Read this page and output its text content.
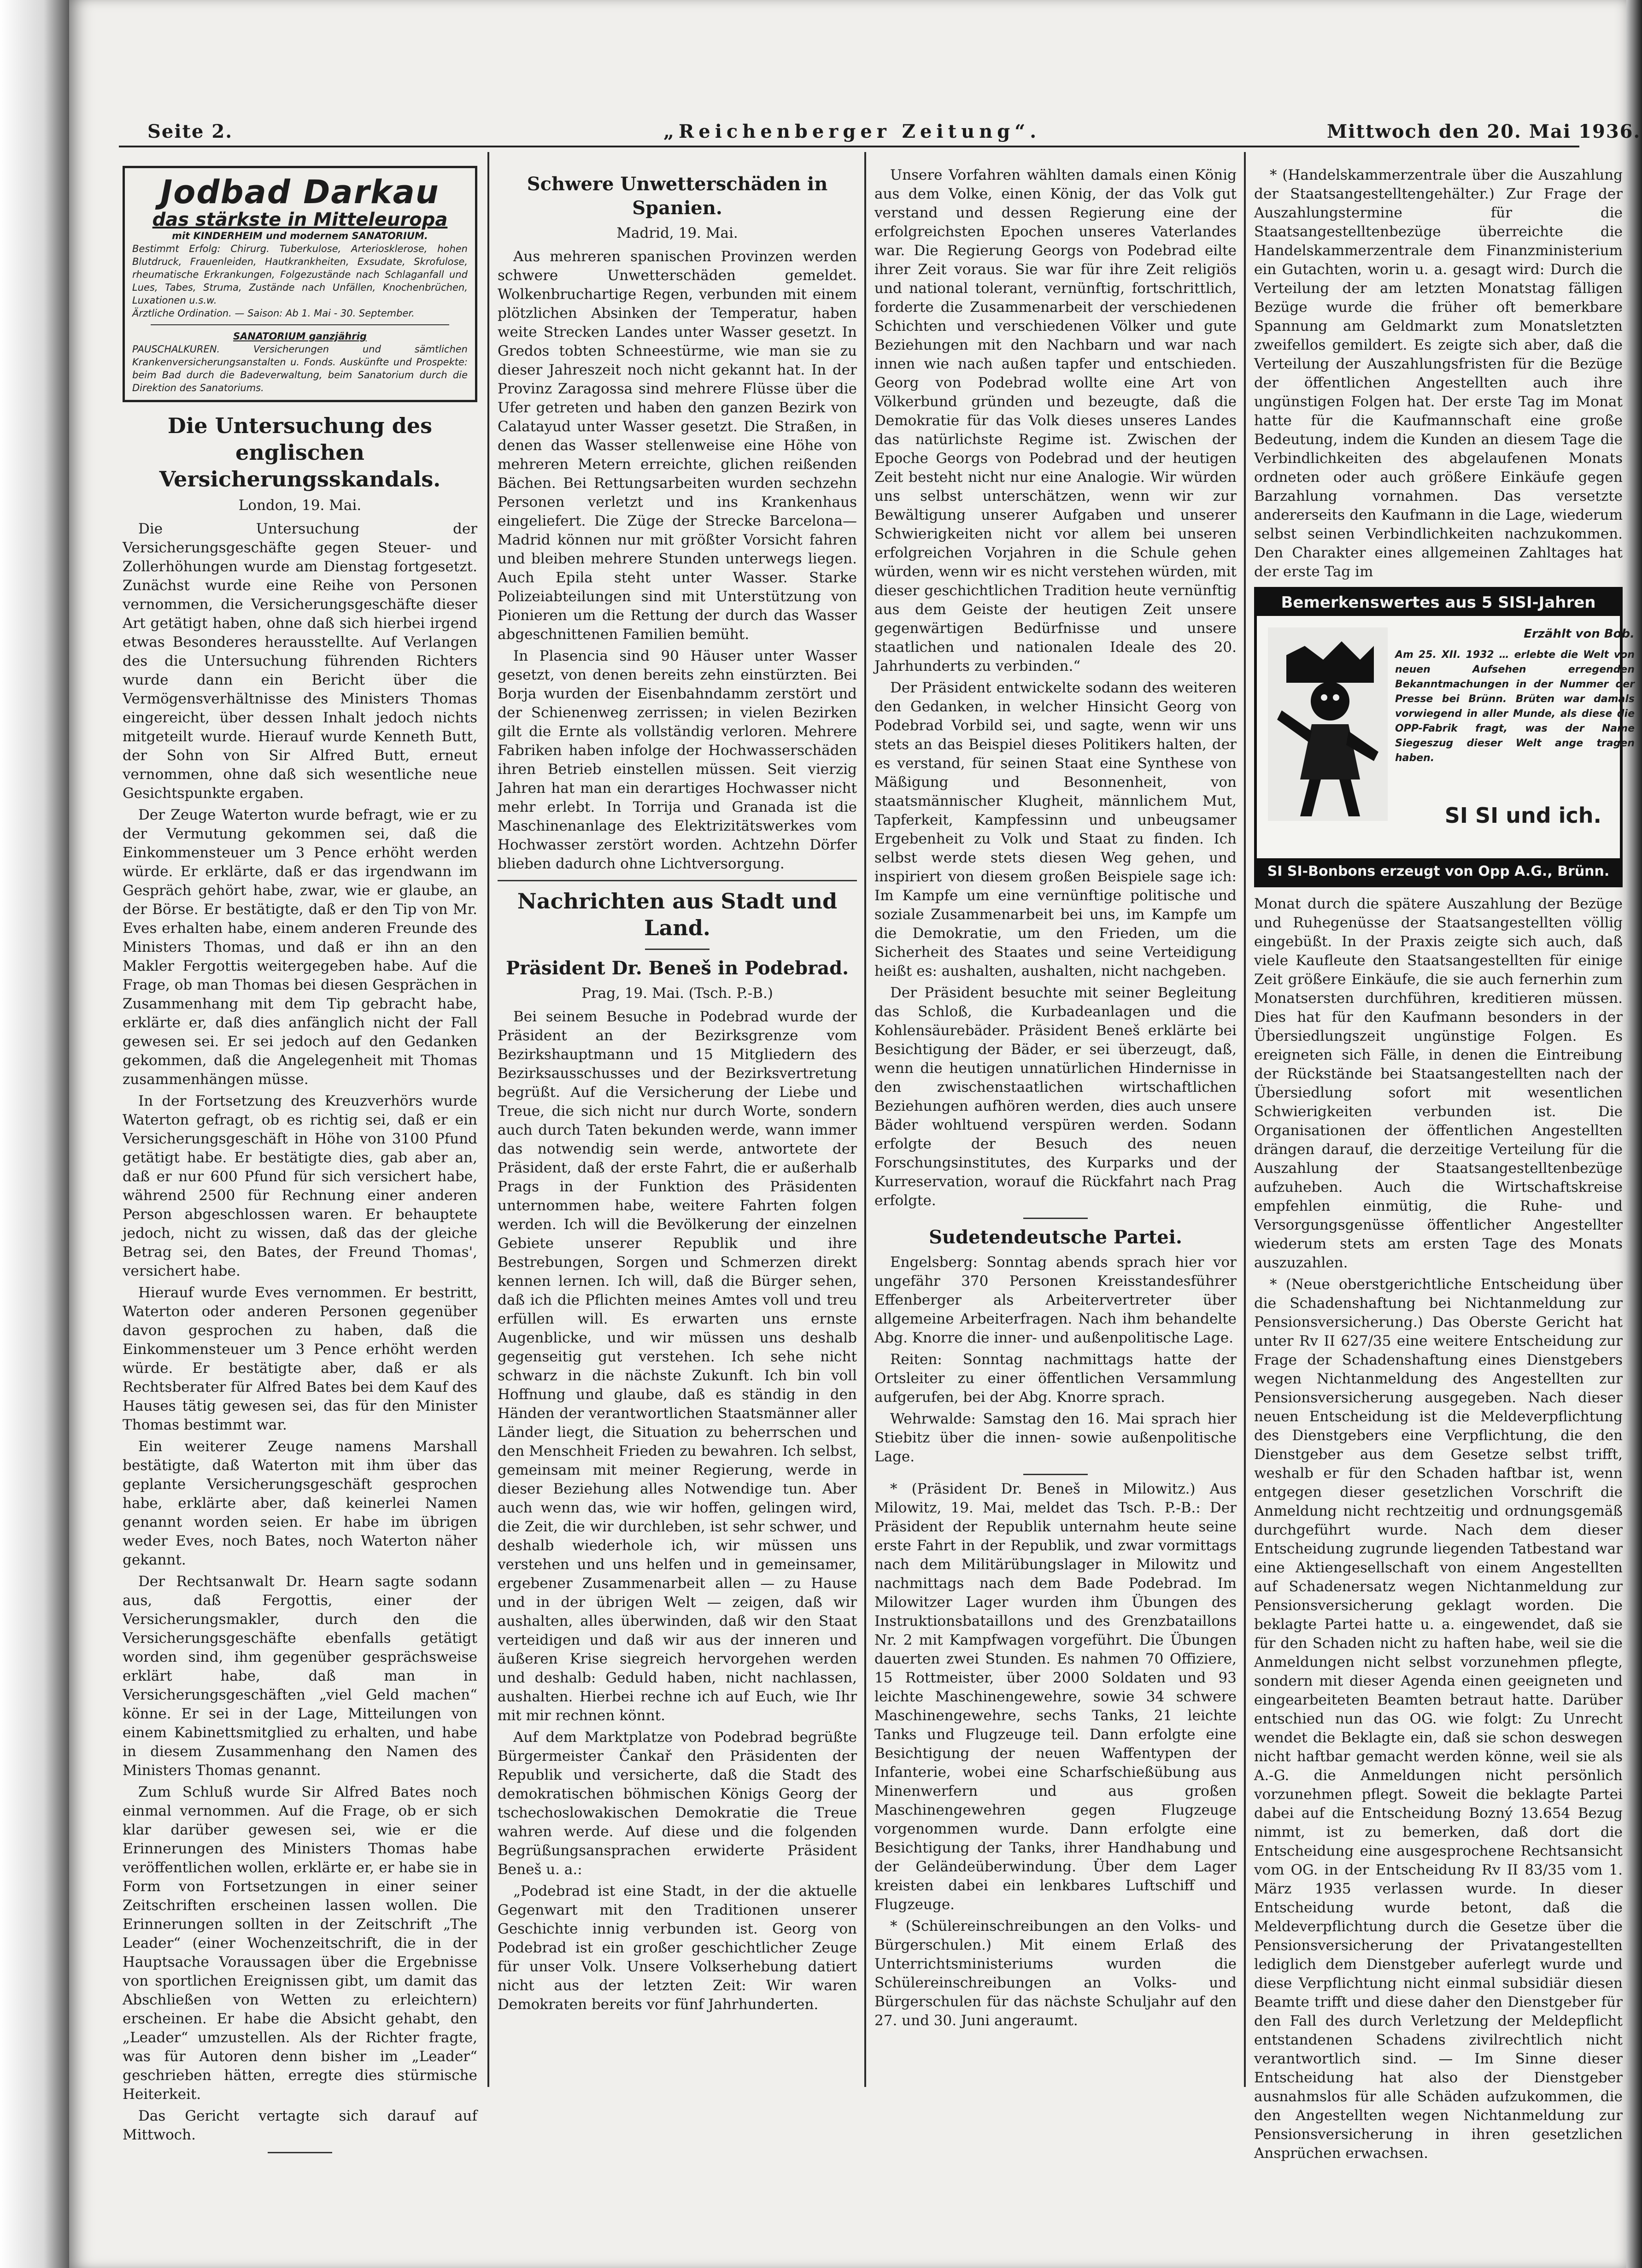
Seite 2.	„Reichenberger Zeitung“.	Mittwoch den 20. Mai 1936.
Jodbad Darkau
das stärkste in Mitteleuropa
mit KINDERHEIM und modernem SANATORIUM.
Bestimmt Erfolg: Chirurg. Tuberkulose, Arteriosklerose, hohen Blutdruck, Frauenleiden, Hautkrankheiten, Exsudate, Skrofulose, rheumatische Erkrankungen, Folgezustände nach Schlaganfall und Lues, Tabes, Struma, Zustände nach Unfällen, Knochenbrüchen, Luxationen u.s.w.
Ärztliche Ordination. — Saison: Ab 1. Mai - 30. September.
SANATORIUM ganzjährig
PAUSCHALKUREN. Versicherungen und sämtlichen Krankenversicherungsanstalten u. Fonds. Auskünfte und Prospekte: beim Bad durch die Badeverwaltung, beim Sanatorium durch die Direktion des Sanatoriums.
Die Untersuchung des englischen Versicherungsskandals.

London, 19. Mai.

Die Untersuchung der Versicherungsgeschäfte gegen Steuer- und Zollerhöhungen wurde am Dienstag fortgesetzt. Zunächst wurde eine Reihe von Personen vernommen, die Versicherungsgeschäfte dieser Art getätigt haben, ohne daß sich hierbei irgend etwas Besonderes herausstellte. Auf Verlangen des die Untersuchung führenden Richters wurde dann ein Bericht über die Vermögensverhältnisse des Ministers Thomas eingereicht, über dessen Inhalt jedoch nichts mitgeteilt wurde. Hierauf wurde Kenneth Butt, der Sohn von Sir Alfred Butt, erneut vernommen, ohne daß sich wesentliche neue Gesichtspunkte ergaben.

Der Zeuge Waterton wurde befragt, wie er zu der Vermutung gekommen sei, daß die Einkommensteuer um 3 Pence erhöht werden würde. Er erklärte, daß er das irgendwann im Gespräch gehört habe, zwar, wie er glaube, an der Börse. Er bestätigte, daß er den Tip von Mr. Eves erhalten habe, einem anderen Freunde des Ministers Thomas, und daß er ihn an den Makler Fergottis weitergegeben habe. Auf die Frage, ob man Thomas bei diesen Gesprächen in Zusammenhang mit dem Tip gebracht habe, erklärte er, daß dies anfänglich nicht der Fall gewesen sei. Er sei jedoch auf den Gedanken gekommen, daß die Angelegenheit mit Thomas zusammenhängen müsse.

In der Fortsetzung des Kreuzverhörs wurde Waterton gefragt, ob es richtig sei, daß er ein Versicherungsgeschäft in Höhe von 3100 Pfund getätigt habe. Er bestätigte dies, gab aber an, daß er nur 600 Pfund für sich versichert habe, während 2500 für Rechnung einer anderen Person abgeschlossen waren. Er behauptete jedoch, nicht zu wissen, daß das der gleiche Betrag sei, den Bates, der Freund Thomas', versichert habe.

Hierauf wurde Eves vernommen. Er bestritt, Waterton oder anderen Personen gegenüber davon gesprochen zu haben, daß die Einkommensteuer um 3 Pence erhöht werden würde. Er bestätigte aber, daß er als Rechtsberater für Alfred Bates bei dem Kauf des Hauses tätig gewesen sei, das für den Minister Thomas bestimmt war.

Ein weiterer Zeuge namens Marshall bestätigte, daß Waterton mit ihm über das geplante Versicherungsgeschäft gesprochen habe, erklärte aber, daß keinerlei Namen genannt worden seien. Er habe im übrigen weder Eves, noch Bates, noch Waterton näher gekannt.

Der Rechtsanwalt Dr. Hearn sagte sodann aus, daß Fergottis, einer der Versicherungsmakler, durch den die Versicherungsgeschäfte ebenfalls getätigt worden sind, ihm gegenüber gesprächsweise erklärt habe, daß man in Versicherungsgeschäften „viel Geld machen“ könne. Er sei in der Lage, Mitteilungen von einem Kabinettsmitglied zu erhalten, und habe in diesem Zusammenhang den Namen des Ministers Thomas genannt.

Zum Schluß wurde Sir Alfred Bates noch einmal vernommen. Auf die Frage, ob er sich klar darüber gewesen sei, wie er die Erinnerungen des Ministers Thomas habe veröffentlichen wollen, erklärte er, er habe sie in Form von Fortsetzungen in einer seiner Zeitschriften erscheinen lassen wollen. Die Erinnerungen sollten in der Zeitschrift „The Leader“ (einer Wochenzeitschrift, die in der Hauptsache Voraussagen über die Ergebnisse von sportlichen Ereignissen gibt, um damit das Abschließen von Wetten zu erleichtern) erscheinen. Er habe die Absicht gehabt, den „Leader“ umzustellen. Als der Richter fragte, was für Autoren denn bisher im „Leader“ geschrieben hätten, erregte dies stürmische Heiterkeit.

Das Gericht vertagte sich darauf auf Mittwoch.

Schwere Unwetterschäden in Spanien.

Madrid, 19. Mai.

Aus mehreren spanischen Provinzen werden schwere Unwetterschäden gemeldet. Wolkenbruchartige Regen, verbunden mit einem plötzlichen Absinken der Temperatur, haben weite Strecken Landes unter Wasser gesetzt. In Gredos tobten Schneestürme, wie man sie zu dieser Jahreszeit noch nicht gekannt hat. In der Provinz Zaragossa sind mehrere Flüsse über die Ufer getreten und haben den ganzen Bezirk von Calatayud unter Wasser gesetzt. Die Straßen, in denen das Wasser stellenweise eine Höhe von mehreren Metern erreichte, glichen reißenden Bächen. Bei Rettungsarbeiten wurden sechzehn Personen verletzt und ins Krankenhaus eingeliefert. Die Züge der Strecke Barcelona—Madrid können nur mit größter Vorsicht fahren und bleiben mehrere Stunden unterwegs liegen. Auch Epila steht unter Wasser. Starke Polizeiabteilungen sind mit Unterstützung von Pionieren um die Rettung der durch das Wasser abgeschnittenen Familien bemüht.

In Plasencia sind 90 Häuser unter Wasser gesetzt, von denen bereits zehn einstürzten. Bei Borja wurden der Eisenbahndamm zerstört und der Schienenweg zerrissen; in vielen Bezirken gilt die Ernte als vollständig verloren. Mehrere Fabriken haben infolge der Hochwasserschäden ihren Betrieb einstellen müssen. Seit vierzig Jahren hat man ein derartiges Hochwasser nicht mehr erlebt. In Torrija und Granada ist die Maschinenanlage des Elektrizitätswerkes vom Hochwasser zerstört worden. Achtzehn Dörfer blieben dadurch ohne Lichtversorgung.

Nachrichten aus Stadt und Land.
Präsident Dr. Beneš in Podebrad.

Prag, 19. Mai. (Tsch. P.-B.)

Bei seinem Besuche in Podebrad wurde der Präsident an der Bezirksgrenze vom Bezirkshauptmann und 15 Mitgliedern des Bezirksausschusses und der Bezirksvertretung begrüßt. Auf die Versicherung der Liebe und Treue, die sich nicht nur durch Worte, sondern auch durch Taten bekunden werde, wann immer das notwendig sein werde, antwortete der Präsident, daß der erste Fahrt, die er außerhalb Prags in der Funktion des Präsidenten unternommen habe, weitere Fahrten folgen werden. Ich will die Bevölkerung der einzelnen Gebiete unserer Republik und ihre Bestrebungen, Sorgen und Schmerzen direkt kennen lernen. Ich will, daß die Bürger sehen, daß ich die Pflichten meines Amtes voll und treu erfüllen will. Es erwarten uns ernste Augenblicke, und wir müssen uns deshalb gegenseitig gut verstehen. Ich sehe nicht schwarz in die nächste Zukunft. Ich bin voll Hoffnung und glaube, daß es ständig in den Händen der verantwortlichen Staatsmänner aller Länder liegt, die Situation zu beherrschen und den Menschheit Frieden zu bewahren. Ich selbst, gemeinsam mit meiner Regierung, werde in dieser Beziehung alles Notwendige tun. Aber auch wenn das, wie wir hoffen, gelingen wird, die Zeit, die wir durchleben, ist sehr schwer, und deshalb wiederhole ich, wir müssen uns verstehen und uns helfen und in gemeinsamer, ergebener Zusammenarbeit allen — zu Hause und in der übrigen Welt — zeigen, daß wir aushalten, alles überwinden, daß wir den Staat verteidigen und daß wir aus der inneren und äußeren Krise siegreich hervorgehen werden und deshalb: Geduld haben, nicht nachlassen, aushalten. Hierbei rechne ich auf Euch, wie Ihr mit mir rechnen könnt.

Auf dem Marktplatze von Podebrad begrüßte Bürgermeister Čankař den Präsidenten der Republik und versicherte, daß die Stadt des demokratischen böhmischen Königs Georg der tschechoslowakischen Demokratie die Treue wahren werde. Auf diese und die folgenden Begrüßungsansprachen erwiderte Präsident Beneš u. a.:

„Podebrad ist eine Stadt, in der die aktuelle Gegenwart mit den Traditionen unserer Geschichte innig verbunden ist. Georg von Podebrad ist ein großer geschichtlicher Zeuge für unser Volk. Unsere Volkserhebung datiert nicht aus der letzten Zeit: Wir waren Demokraten bereits vor fünf Jahrhunderten.

Unsere Vorfahren wählten damals einen König aus dem Volke, einen König, der das Volk gut verstand und dessen Regierung eine der erfolgreichsten Epochen unseres Vaterlandes war. Die Regierung Georgs von Podebrad eilte ihrer Zeit voraus. Sie war für ihre Zeit religiös und national tolerant, vernünftig, fortschrittlich, forderte die Zusammenarbeit der verschiedenen Schichten und verschiedenen Völker und gute Beziehungen mit den Nachbarn und war nach innen wie nach außen tapfer und entschieden. Georg von Podebrad wollte eine Art von Völkerbund gründen und bezeugte, daß die Demokratie für das Volk dieses unseres Landes das natürlichste Regime ist. Zwischen der Epoche Georgs von Podebrad und der heutigen Zeit besteht nicht nur eine Analogie. Wir würden uns selbst unterschätzen, wenn wir zur Bewältigung unserer Aufgaben und unserer Schwierigkeiten nicht vor allem bei unseren erfolgreichen Vorjahren in die Schule gehen würden, wenn wir es nicht verstehen würden, mit dieser geschichtlichen Tradition heute vernünftig aus dem Geiste der heutigen Zeit unsere gegenwärtigen Bedürfnisse und unsere staatlichen und nationalen Ideale des 20. Jahrhunderts zu verbinden.“

Der Präsident entwickelte sodann des weiteren den Gedanken, in welcher Hinsicht Georg von Podebrad Vorbild sei, und sagte, wenn wir uns stets an das Beispiel dieses Politikers halten, der es verstand, für seinen Staat eine Synthese von Mäßigung und Besonnenheit, von staatsmännischer Klugheit, männlichem Mut, Tapferkeit, Kampfessinn und unbeugsamer Ergebenheit zu Volk und Staat zu finden. Ich selbst werde stets diesen Weg gehen, und inspiriert von diesem großen Beispiele sage ich: Im Kampfe um eine vernünftige politische und soziale Zusammenarbeit bei uns, im Kampfe um die Demokratie, um den Frieden, um die Sicherheit des Staates und seine Verteidigung heißt es: aushalten, aushalten, nicht nachgeben.

Der Präsident besuchte mit seiner Begleitung das Schloß, die Kurbadeanlagen und die Kohlensäurebäder. Präsident Beneš erklärte bei Besichtigung der Bäder, er sei überzeugt, daß, wenn die heutigen unnatürlichen Hindernisse in den zwischenstaatlichen wirtschaftlichen Beziehungen aufhören werden, dies auch unsere Bäder wohltuend verspüren werden. Sodann erfolgte der Besuch des neuen Forschungsinstitutes, des Kurparks und der Kurreservation, worauf die Rückfahrt nach Prag erfolgte.

Sudetendeutsche Partei.

Engelsberg: Sonntag abends sprach hier vor ungefähr 370 Personen Kreisstandesführer Effenberger als Arbeitervertreter über allgemeine Arbeiterfragen. Nach ihm behandelte Abg. Knorre die inner- und außenpolitische Lage.

Reiten: Sonntag nachmittags hatte der Ortsleiter zu einer öffentlichen Versammlung aufgerufen, bei der Abg. Knorre sprach.

Wehrwalde: Samstag den 16. Mai sprach hier Stiebitz über die innen- sowie außenpolitische Lage.

* (Präsident Dr. Beneš in Milowitz.) Aus Milowitz, 19. Mai, meldet das Tsch. P.-B.: Der Präsident der Republik unternahm heute seine erste Fahrt in der Republik, und zwar vormittags nach dem Militärübungslager in Milowitz und nachmittags nach dem Bade Podebrad. Im Milowitzer Lager wurden ihm Übungen des Instruktionsbataillons und des Grenzbataillons Nr. 2 mit Kampfwagen vorgeführt. Die Übungen dauerten zwei Stunden. Es nahmen 70 Offiziere, 15 Rottmeister, über 2000 Soldaten und 93 leichte Maschinengewehre, sowie 34 schwere Maschinengewehre, sechs Tanks, 21 leichte Tanks und Flugzeuge teil. Dann erfolgte eine Besichtigung der neuen Waffentypen der Infanterie, wobei eine Scharfschießübung aus Minenwerfern und aus großen Maschinengewehren gegen Flugzeuge vorgenommen wurde. Dann erfolgte eine Besichtigung der Tanks, ihrer Handhabung und der Geländeüberwindung. Über dem Lager kreisten dabei ein lenkbares Luftschiff und Flugzeuge.

* (Schülereinschreibungen an den Volks- und Bürgerschulen.) Mit einem Erlaß des Unterrichtsministeriums wurden die Schülereinschreibungen an Volks- und Bürgerschulen für das nächste Schuljahr auf den 27. und 30. Juni angeraumt.

* (Handelskammerzentrale über die Auszahlung der Staatsangestelltengehälter.) Zur Frage der Auszahlungstermine für die Staatsangestelltenbezüge überreichte die Handelskammerzentrale dem Finanzministerium ein Gutachten, worin u. a. gesagt wird: Durch die Verteilung der am letzten Monatstag fälligen Bezüge wurde die früher oft bemerkbare Spannung am Geldmarkt zum Monatsletzten zweifellos gemildert. Es zeigte sich aber, daß die Verteilung der Auszahlungsfristen für die Bezüge der öffentlichen Angestellten auch ihre ungünstigen Folgen hat. Der erste Tag im Monat hatte für die Kaufmannschaft eine große Bedeutung, indem die Kunden an diesem Tage die Verbindlichkeiten des abgelaufenen Monats ordneten oder auch größere Einkäufe gegen Barzahlung vornahmen. Das versetzte andererseits den Kaufmann in die Lage, wiederum selbst seinen Verbindlichkeiten nachzukommen. Den Charakter eines allgemeinen Zahltages hat der erste Tag im

Bemerkenswertes aus 5 SISI-Jahren
Erzählt von Bob.
Am 25. XII. 1932 … erlebte die Welt von neuen Aufsehen erregenden Bekanntmachungen in der Nummer der Presse bei Brünn. Brüten war damals vorwiegend in aller Munde, als diese die OPP-Fabrik fragt, was der Name Siegeszug dieser Welt ange tragen haben.
SI SI und ich.
SI SI-Bonbons erzeugt von Opp A.G., Brünn.

Monat durch die spätere Auszahlung der Bezüge und Ruhegenüsse der Staatsangestellten völlig eingebüßt. In der Praxis zeigte sich auch, daß viele Kaufleute den Staatsangestellten für einige Zeit größere Einkäufe, die sie auch fernerhin zum Monatsersten durchführen, kreditieren müssen. Dies hat für den Kaufmann besonders in der Übersiedlungszeit ungünstige Folgen. Es ereigneten sich Fälle, in denen die Eintreibung der Rückstände bei Staatsangestellten nach der Übersiedlung sofort mit wesentlichen Schwierigkeiten verbunden ist. Die Organisationen der öffentlichen Angestellten drängen darauf, die derzeitige Verteilung für die Auszahlung der Staatsangestelltenbezüge aufzuheben. Auch die Wirtschaftskreise empfehlen einmütig, die Ruhe- und Versorgungsgenüsse öffentlicher Angestellter wiederum stets am ersten Tage des Monats auszuzahlen.

* (Neue oberstgerichtliche Entscheidung über die Schadenshaftung bei Nichtanmeldung zur Pensionsversicherung.) Das Oberste Gericht hat unter Rv II 627/35 eine weitere Entscheidung zur Frage der Schadenshaftung eines Dienstgebers wegen Nichtanmeldung des Angestellten zur Pensionsversicherung ausgegeben. Nach dieser neuen Entscheidung ist die Meldeverpflichtung des Dienstgebers eine Verpflichtung, die den Dienstgeber aus dem Gesetze selbst trifft, weshalb er für den Schaden haftbar ist, wenn entgegen dieser gesetzlichen Vorschrift die Anmeldung nicht rechtzeitig und ordnungsgemäß durchgeführt wurde. Nach dem dieser Entscheidung zugrunde liegenden Tatbestand war eine Aktiengesellschaft von einem Angestellten auf Schadenersatz wegen Nichtanmeldung zur Pensionsversicherung geklagt worden. Die beklagte Partei hatte u. a. eingewendet, daß sie für den Schaden nicht zu haften habe, weil sie die Anmeldungen nicht selbst vorzunehmen pflegte, sondern mit dieser Agenda einen geeigneten und eingearbeiteten Beamten betraut hatte. Darüber entschied nun das OG. wie folgt: Zu Unrecht wendet die Beklagte ein, daß sie schon deswegen nicht haftbar gemacht werden könne, weil sie als A.-G. die Anmeldungen nicht persönlich vorzunehmen pflegt. Soweit die beklagte Partei dabei auf die Entscheidung Bozný 13.654 Bezug nimmt, ist zu bemerken, daß dort die Entscheidung eine ausgesprochene Rechtsansicht vom OG. in der Entscheidung Rv II 83/35 vom 1. März 1935 verlassen wurde. In dieser Entscheidung wurde betont, daß die Meldeverpflichtung durch die Gesetze über die Pensionsversicherung der Privatangestellten lediglich dem Dienstgeber auferlegt wurde und diese Verpflichtung nicht einmal subsidiär diesen Beamte trifft und diese daher den Dienstgeber für den Fall des durch Verletzung der Meldepflicht entstandenen Schadens zivilrechtlich nicht verantwortlich sind. — Im Sinne dieser Entscheidung hat also der Dienstgeber ausnahmslos für alle Schäden aufzukommen, die den Angestellten wegen Nichtanmeldung zur Pensionsversicherung in ihren gesetzlichen Ansprüchen erwachsen.
